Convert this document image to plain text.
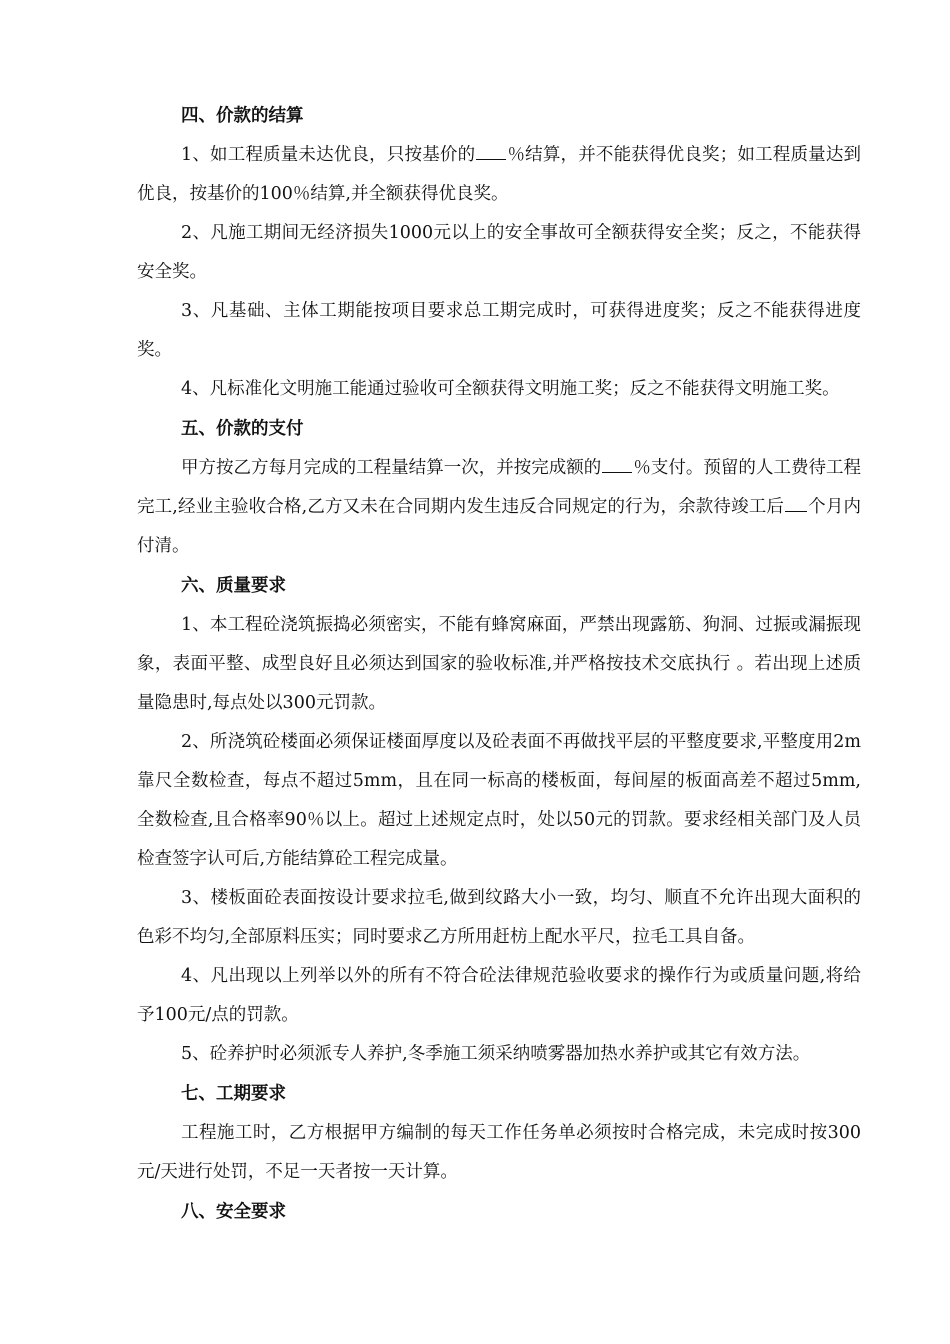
四、价款的结算

1、如工程质量未达优良，只按基价的 ％结算，并不能获得优良奖；如工程质量达到优良，按基价的100％结算,并全额获得优良奖。

2、凡施工期间无经济损失1000元以上的安全事故可全额获得安全奖；反之，不能获得安全奖。

3、凡基础、主体工期能按项目要求总工期完成时，可获得进度奖；反之不能获得进度奖。

4、凡标准化文明施工能通过验收可全额获得文明施工奖；反之不能获得文明施工奖。

五、价款的支付

甲方按乙方每月完成的工程量结算一次，并按完成额的 ％支付。预留的人工费待工程完工,经业主验收合格,乙方又未在合同期内发生违反合同规定的行为，余款待竣工后 个月内付清。

六、质量要求

1、本工程砼浇筑振捣必须密实，不能有蜂窝麻面，严禁出现露筋、狗洞、过振或漏振现象，表面平整、成型良好且必须达到国家的验收标准,并严格按技术交底执行 。若出现上述质量隐患时,每点处以300元罚款。

2、所浇筑砼楼面必须保证楼面厚度以及砼表面不再做找平层的平整度要求,平整度用2m靠尺全数检查，每点不超过5mm，且在同一标高的楼板面，每间屋的板面高差不超过5mm,全数检查,且合格率90％以上。超过上述规定点时，处以50元的罚款。要求经相关部门及人员检查签字认可后,方能结算砼工程完成量。

3、楼板面砼表面按设计要求拉毛,做到纹路大小一致，均匀、顺直不允许出现大面积的色彩不均匀,全部原料压实；同时要求乙方所用赶枋上配水平尺，拉毛工具自备。

4、凡出现以上列举以外的所有不符合砼法律规范验收要求的操作行为或质量问题,将给予100元/点的罚款。

5、砼养护时必须派专人养护,冬季施工须采纳喷雾器加热水养护或其它有效方法。

七、工期要求

工程施工时，乙方根据甲方编制的每天工作任务单必须按时合格完成，未完成时按300元/天进行处罚，不足一天者按一天计算。

八、安全要求
